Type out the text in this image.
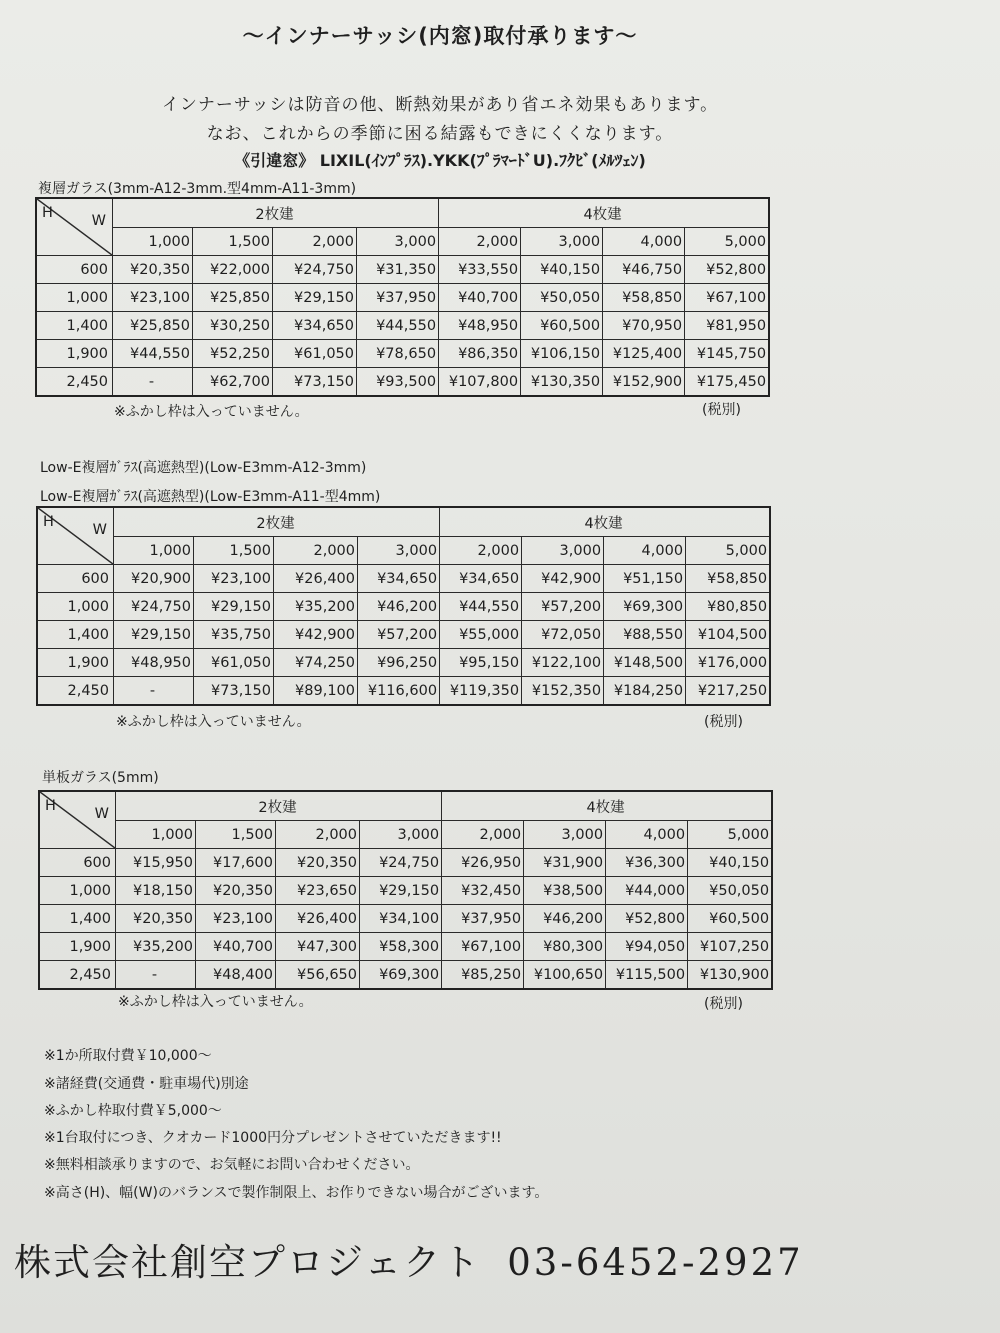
～インナーサッシ(内窓)取付承ります～
インナーサッシは防音の他、断熱効果があり省エネ効果もあります。
なお、これからの季節に困る結露もできにくくなります。
《引違窓》 LIXIL(ｲﾝﾌﾟﾗｽ).YKK(ﾌﾟﾗﾏｰﾄﾞU).ﾌｸﾋﾞ(ﾒﾙﾂｪﾝ)
複層ガラス(3mm-A12-3mm.型4mm-A11-3mm)
H W	2枚建				4枚建			
	1,000	1,500	2,000	3,000	2,000	3,000	4,000	5,000
600	¥20,350	¥22,000	¥24,750	¥31,350	¥33,550	¥40,150	¥46,750	¥52,800
1,000	¥23,100	¥25,850	¥29,150	¥37,950	¥40,700	¥50,050	¥58,850	¥67,100
1,400	¥25,850	¥30,250	¥34,650	¥44,550	¥48,950	¥60,500	¥70,950	¥81,950
1,900	¥44,550	¥52,250	¥61,050	¥78,650	¥86,350	¥106,150	¥125,400	¥145,750
2,450	-	¥62,700	¥73,150	¥93,500	¥107,800	¥130,350	¥152,900	¥175,450
※ふかし枠は入っていません。	(税別)
Low-E複層ｶﾞﾗｽ(高遮熱型)(Low-E3mm-A12-3mm)
Low-E複層ｶﾞﾗｽ(高遮熱型)(Low-E3mm-A11-型4mm)
H W	2枚建				4枚建			
	1,000	1,500	2,000	3,000	2,000	3,000	4,000	5,000
600	¥20,900	¥23,100	¥26,400	¥34,650	¥34,650	¥42,900	¥51,150	¥58,850
1,000	¥24,750	¥29,150	¥35,200	¥46,200	¥44,550	¥57,200	¥69,300	¥80,850
1,400	¥29,150	¥35,750	¥42,900	¥57,200	¥55,000	¥72,050	¥88,550	¥104,500
1,900	¥48,950	¥61,050	¥74,250	¥96,250	¥95,150	¥122,100	¥148,500	¥176,000
2,450	-	¥73,150	¥89,100	¥116,600	¥119,350	¥152,350	¥184,250	¥217,250
※ふかし枠は入っていません。	(税別)
単板ガラス(5mm)
H W	2枚建				4枚建			
	1,000	1,500	2,000	3,000	2,000	3,000	4,000	5,000
600	¥15,950	¥17,600	¥20,350	¥24,750	¥26,950	¥31,900	¥36,300	¥40,150
1,000	¥18,150	¥20,350	¥23,650	¥29,150	¥32,450	¥38,500	¥44,000	¥50,050
1,400	¥20,350	¥23,100	¥26,400	¥34,100	¥37,950	¥46,200	¥52,800	¥60,500
1,900	¥35,200	¥40,700	¥47,300	¥58,300	¥67,100	¥80,300	¥94,050	¥107,250
2,450	-	¥48,400	¥56,650	¥69,300	¥85,250	¥100,650	¥115,500	¥130,900
※ふかし枠は入っていません。	(税別)
※1か所取付費￥10,000～
※諸経費(交通費・駐車場代)別途
※ふかし枠取付費￥5,000～
※1台取付につき、クオカード1000円分プレゼントさせていただきます!!
※無料相談承りますので、お気軽にお問い合わせください。
※高さ(H)、幅(W)のバランスで製作制限上、お作りできない場合がございます。
株式会社創空プロジェクト 03-6452-2927
